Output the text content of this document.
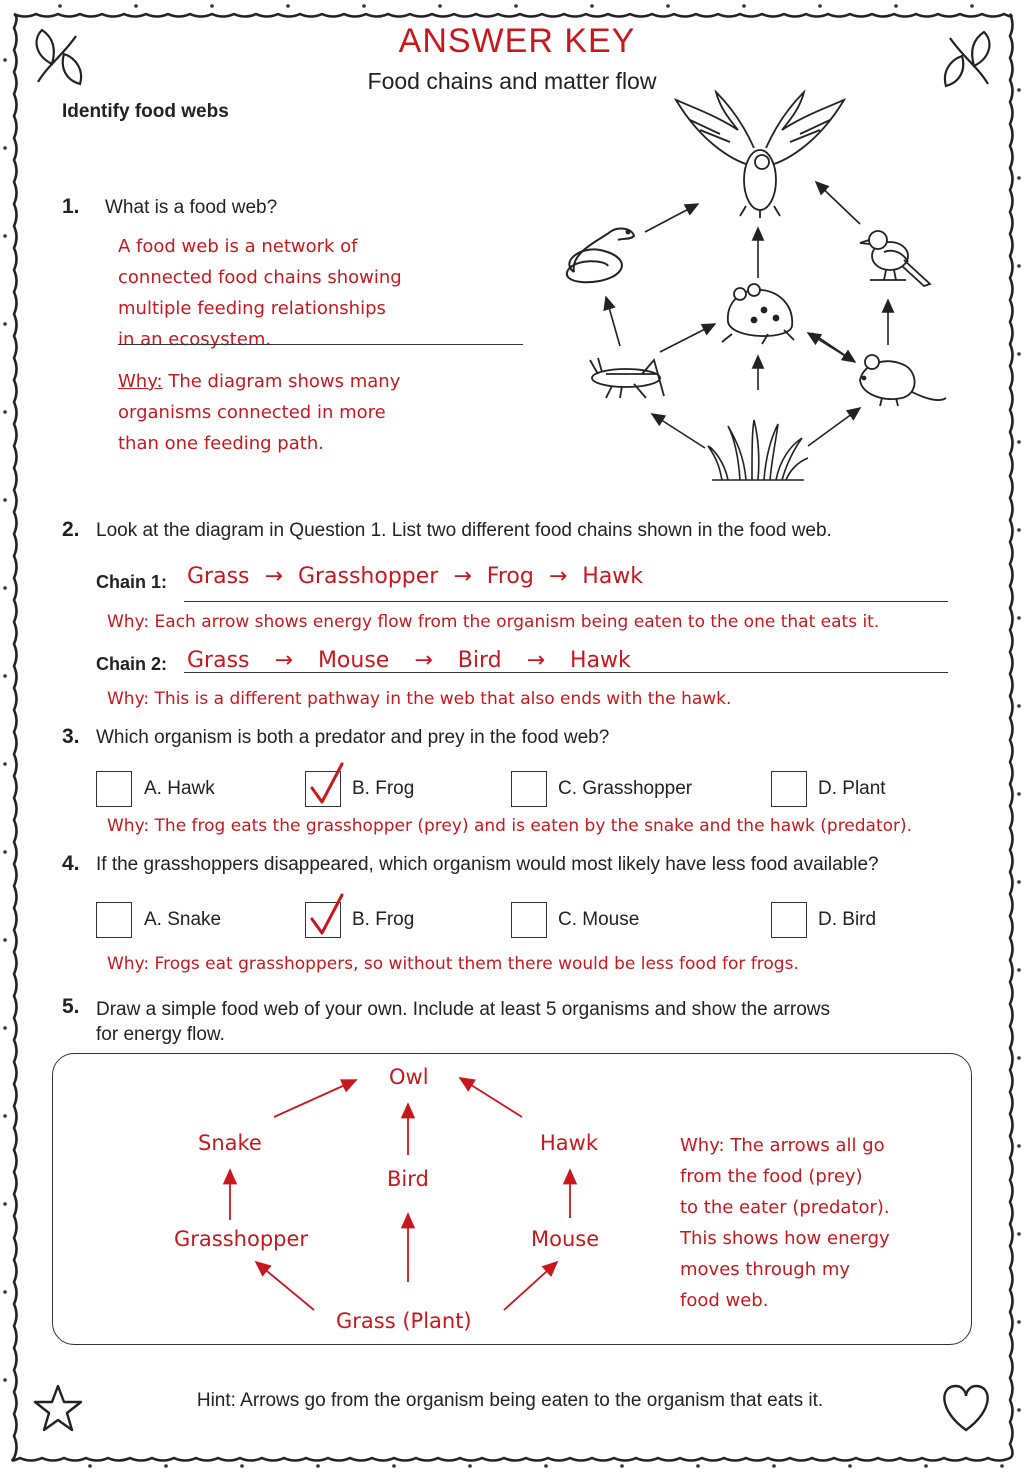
ANSWER KEY
Food chains and matter flow
Identify food webs
1. What is a food web?
A food web is a network of
connected food chains showing
multiple feeding relationships
in an ecosystem.
Why: The diagram shows many
organisms connected in more
than one feeding path.
2. Look at the diagram in Question 1. List two different food chains shown in the food web.
Chain 1: Grass → Grasshopper → Frog → Hawk
Why: Each arrow shows energy flow from the organism being eaten to the one that eats it.
Chain 2: Grass → Mouse → Bird → Hawk
Why: This is a different pathway in the web that also ends with the hawk.
3. Which organism is both a predator and prey in the food web?
A. Hawk	B. Frog	C. Grasshopper	D. Plant
Why: The frog eats the grasshopper (prey) and is eaten by the snake and the hawk (predator).
4. If the grasshoppers disappeared, which organism would most likely have less food available?
A. Snake	B. Frog	C. Mouse	D. Bird
Why: Frogs eat grasshoppers, so without them there would be less food for frogs.
5. Draw a simple food web of your own. Include at least 5 organisms and show the arrows
for energy flow.
Owl
Snake	Hawk
Bird
Grasshopper	Mouse
Grass (Plant)
Why: The arrows all go
from the food (prey)
to the eater (predator).
This shows how energy
moves through my
food web.
Hint: Arrows go from the organism being eaten to the organism that eats it.
